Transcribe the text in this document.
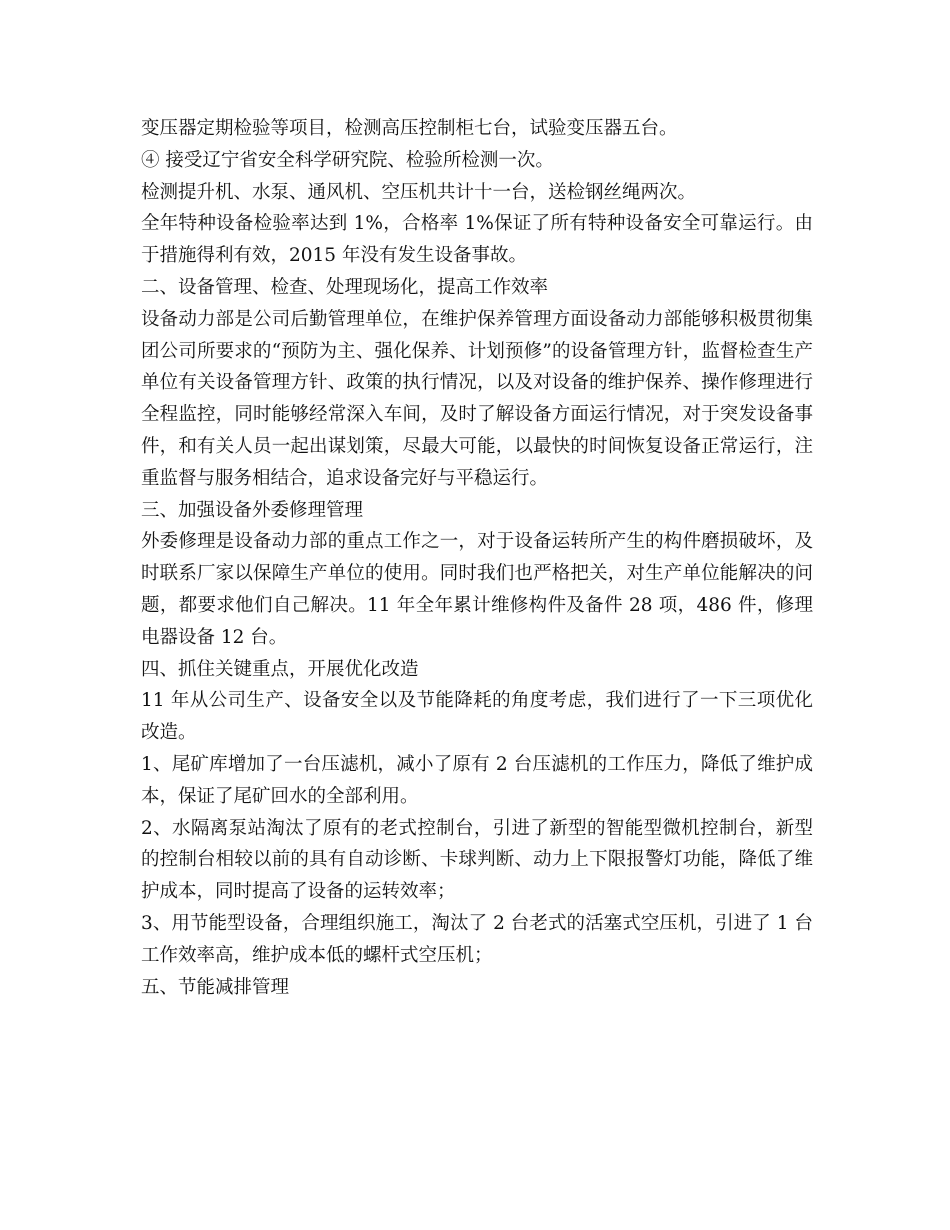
变压器定期检验等项目，检测高压控制柜七台，试验变压器五台。

④ 接受辽宁省安全科学研究院、检验所检测一次。

检测提升机、水泵、通风机、空压机共计十一台，送检钢丝绳两次。

全年特种设备检验率达到 1%，合格率 1%保证了所有特种设备安全可靠运行。由于措施得利有效，2015 年没有发生设备事故。

二、设备管理、检查、处理现场化，提高工作效率

设备动力部是公司后勤管理单位，在维护保养管理方面设备动力部能够积极贯彻集团公司所要求的“预防为主、强化保养、计划预修”的设备管理方针，监督检查生产单位有关设备管理方针、政策的执行情况，以及对设备的维护保养、操作修理进行全程监控，同时能够经常深入车间，及时了解设备方面运行情况，对于突发设备事件，和有关人员一起出谋划策，尽最大可能，以最快的时间恢复设备正常运行，注重监督与服务相结合，追求设备完好与平稳运行。

三、加强设备外委修理管理

外委修理是设备动力部的重点工作之一，对于设备运转所产生的构件磨损破坏，及时联系厂家以保障生产单位的使用。同时我们也严格把关，对生产单位能解决的问题，都要求他们自己解决。11 年全年累计维修构件及备件 28 项，486 件，修理电器设备 12 台。

四、抓住关键重点，开展优化改造

11 年从公司生产、设备安全以及节能降耗的角度考虑，我们进行了一下三项优化改造。

1、尾矿库增加了一台压滤机，减小了原有 2 台压滤机的工作压力，降低了维护成本，保证了尾矿回水的全部利用。

2、水隔离泵站淘汰了原有的老式控制台，引进了新型的智能型微机控制台，新型的控制台相较以前的具有自动诊断、卡球判断、动力上下限报警灯功能，降低了维护成本，同时提高了设备的运转效率；

3、用节能型设备，合理组织施工，淘汰了 2 台老式的活塞式空压机，引进了 1 台工作效率高，维护成本低的螺杆式空压机；

五、节能减排管理
